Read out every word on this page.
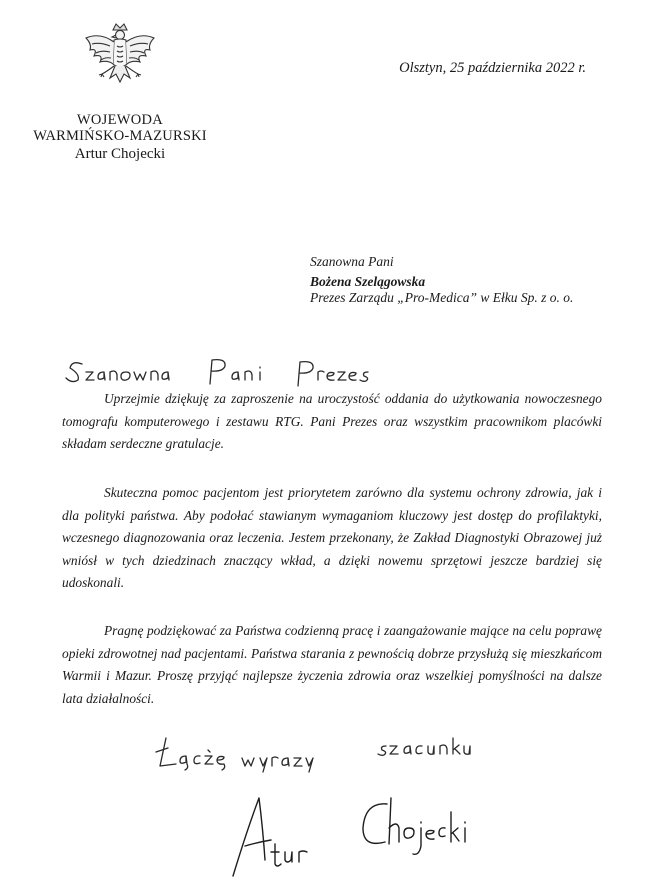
WOJEWODA
WARMIŃSKO-MAZURSKI
Artur Chojecki
Olsztyn, 25 października 2022 r.
Szanowna Pani
Bożena Szelągowska
Prezes Zarządu „Pro-Medica” w Ełku Sp. z o. o.

Uprzejmie dziękuję za zaproszenie na uroczystość oddania do użytkowania nowoczesnego tomografu komputerowego i zestawu RTG. Pani Prezes oraz wszystkim pracownikom placówki składam serdeczne gratulacje.

Skuteczna pomoc pacjentom jest priorytetem zarówno dla systemu ochrony zdrowia, jak i dla polityki państwa. Aby podołać stawianym wymaganiom kluczowy jest dostęp do profilaktyki, wczesnego diagnozowania oraz leczenia. Jestem przekonany, że Zakład Diagnostyki Obrazowej już wniósł w tych dziedzinach znaczący wkład, a dzięki nowemu sprzętowi jeszcze bardziej się udoskonali.

Pragnę podziękować za Państwa codzienną pracę i zaangażowanie mające na celu poprawę opieki zdrowotnej nad pacjentami. Państwa starania z pewnością dobrze przysłużą się mieszkańcom Warmii i Mazur. Proszę przyjąć najlepsze życzenia zdrowia oraz wszelkiej pomyślności na dalsze lata działalności.
